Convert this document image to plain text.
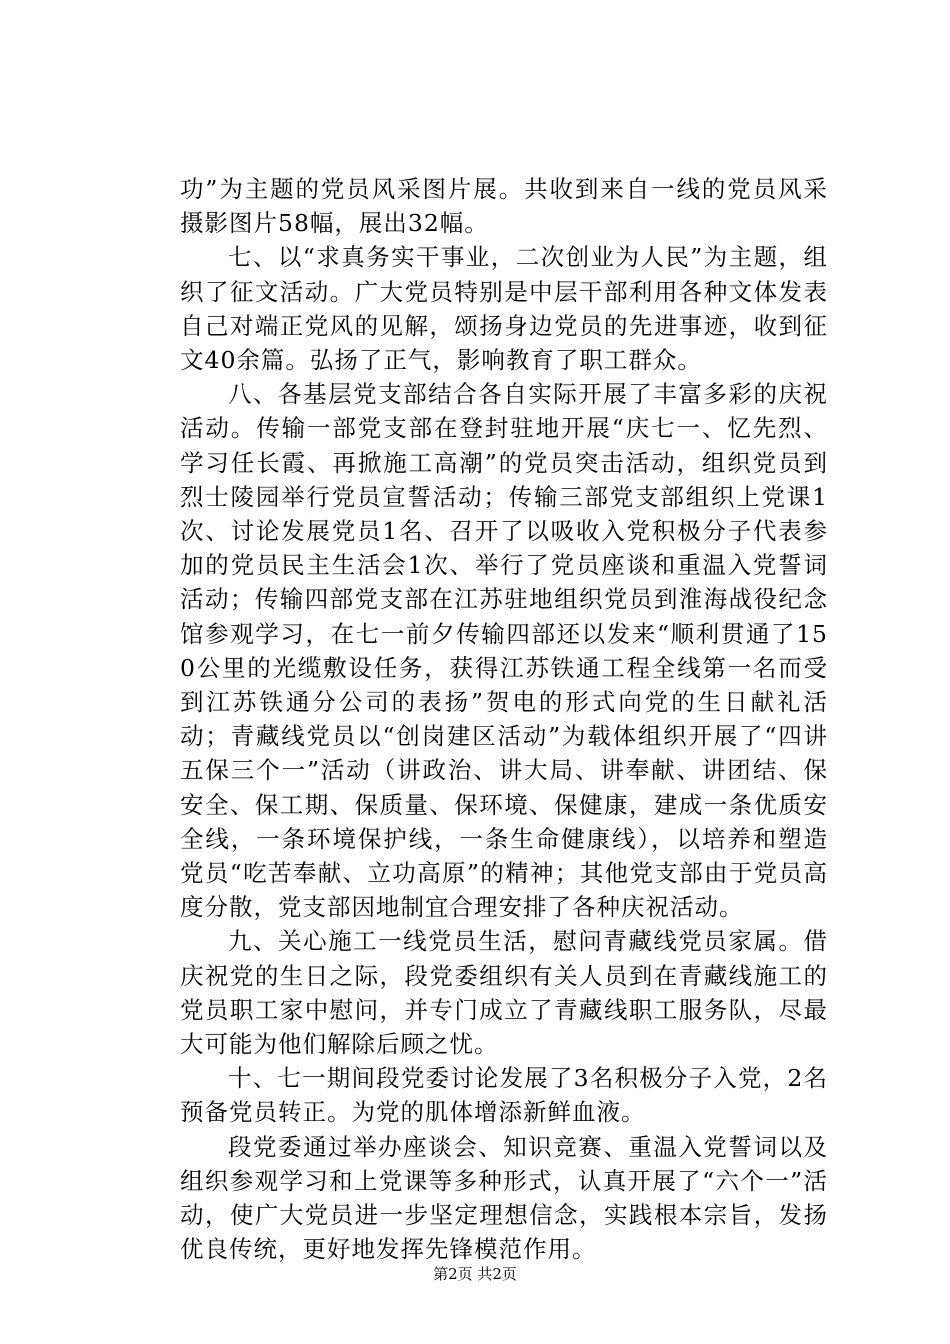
功”为主题的党员风采图片展。共收到来自一线的党员风采摄影图片58幅，展出32幅。

七、以“求真务实干事业，二次创业为人民”为主题，组织了征文活动。广大党员特别是中层干部利用各种文体发表自己对端正党风的见解，颂扬身边党员的先进事迹，收到征文40余篇。弘扬了正气，影响教育了职工群众。

八、各基层党支部结合各自实际开展了丰富多彩的庆祝活动。传输一部党支部在登封驻地开展“庆七一、忆先烈、学习任长霞、再掀施工高潮”的党员突击活动，组织党员到烈士陵园举行党员宣誓活动；传输三部党支部组织上党课1次、讨论发展党员1名、召开了以吸收入党积极分子代表参加的党员民主生活会1次、举行了党员座谈和重温入党誓词活动；传输四部党支部在江苏驻地组织党员到淮海战役纪念馆参观学习，在七一前夕传输四部还以发来“顺利贯通了150公里的光缆敷设任务，获得江苏铁通工程全线第一名而受到江苏铁通分公司的表扬”贺电的形式向党的生日献礼活动；青藏线党员以“创岗建区活动”为载体组织开展了“四讲五保三个一”活动（讲政治、讲大局、讲奉献、讲团结、保安全、保工期、保质量、保环境、保健康，建成一条优质安全线，一条环境保护线，一条生命健康线），以培养和塑造党员“吃苦奉献、立功高原”的精神；其他党支部由于党员高度分散，党支部因地制宜合理安排了各种庆祝活动。

九、关心施工一线党员生活，慰问青藏线党员家属。借庆祝党的生日之际，段党委组织有关人员到在青藏线施工的党员职工家中慰问，并专门成立了青藏线职工服务队，尽最大可能为他们解除后顾之忧。

十、七一期间段党委讨论发展了3名积极分子入党，2名预备党员转正。为党的肌体增添新鲜血液。

段党委通过举办座谈会、知识竞赛、重温入党誓词以及组织参观学习和上党课等多种形式，认真开展了“六个一”活动，使广大党员进一步坚定理想信念，实践根本宗旨，发扬优良传统，更好地发挥先锋模范作用。

第2页 共2页
